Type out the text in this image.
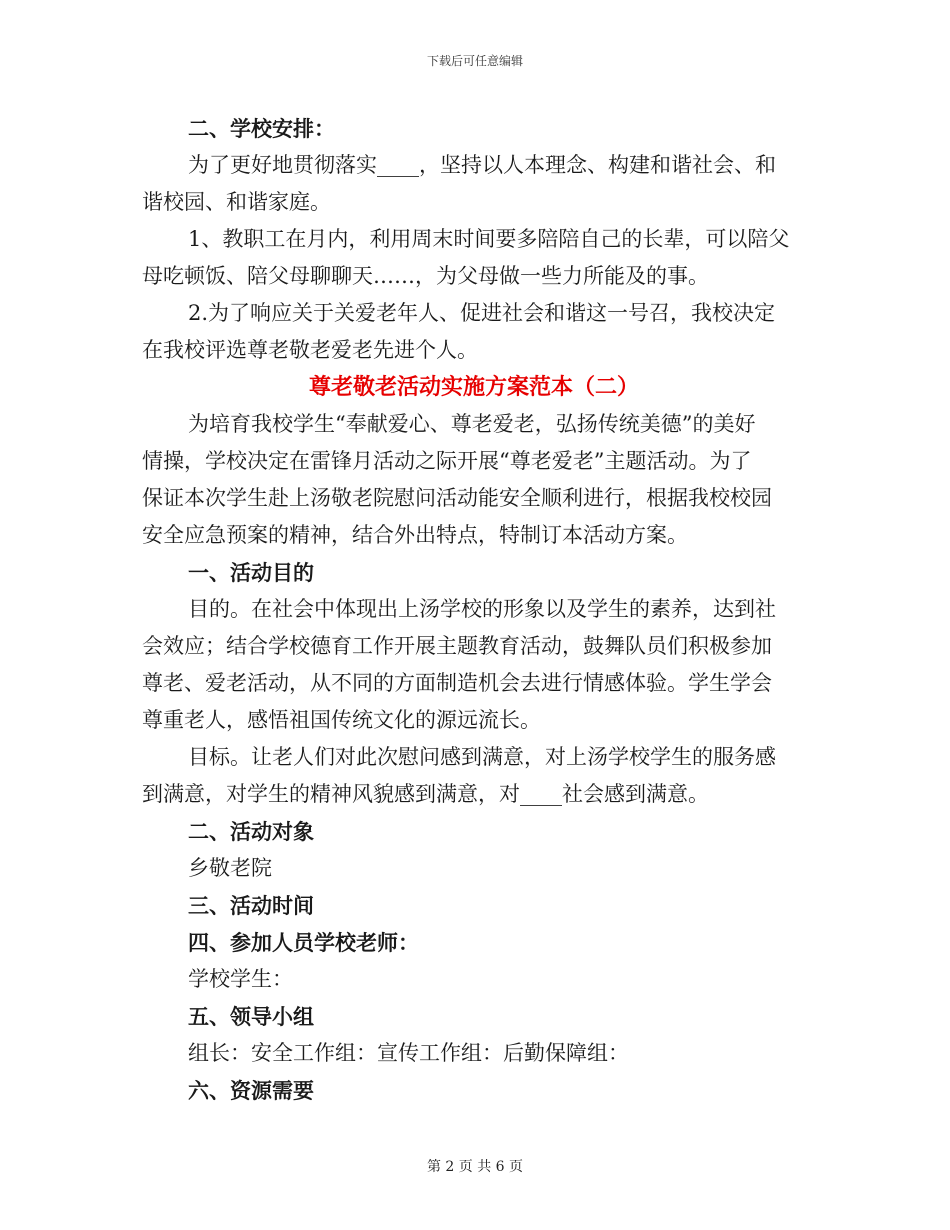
下载后可任意编辑
二、学校安排：
为了更好地贯彻落实____，坚持以人本理念、构建和谐社会、和
谐校园、和谐家庭。
1、教职工在月内，利用周末时间要多陪陪自己的长辈，可以陪父
母吃顿饭、陪父母聊聊天……，为父母做一些力所能及的事。
2.为了响应关于关爱老年人、促进社会和谐这一号召，我校决定
在我校评选尊老敬老爱老先进个人。
尊老敬老活动实施方案范本（二）
为培育我校学生“奉献爱心、尊老爱老，弘扬传统美德”的美好
情操，学校决定在雷锋月活动之际开展“尊老爱老”主题活动。为了
保证本次学生赴上汤敬老院慰问活动能安全顺利进行，根据我校校园
安全应急预案的精神，结合外出特点，特制订本活动方案。
一、活动目的
目的。在社会中体现出上汤学校的形象以及学生的素养，达到社
会效应；结合学校德育工作开展主题教育活动，鼓舞队员们积极参加
尊老、爱老活动，从不同的方面制造机会去进行情感体验。学生学会
尊重老人，感悟祖国传统文化的源远流长。
目标。让老人们对此次慰问感到满意，对上汤学校学生的服务感
到满意，对学生的精神风貌感到满意，对____社会感到满意。
二、活动对象
乡敬老院
三、活动时间
四、参加人员学校老师：
学校学生：
五、领导小组
组长：安全工作组：宣传工作组：后勤保障组：
六、资源需要
第 2 页 共 6 页
